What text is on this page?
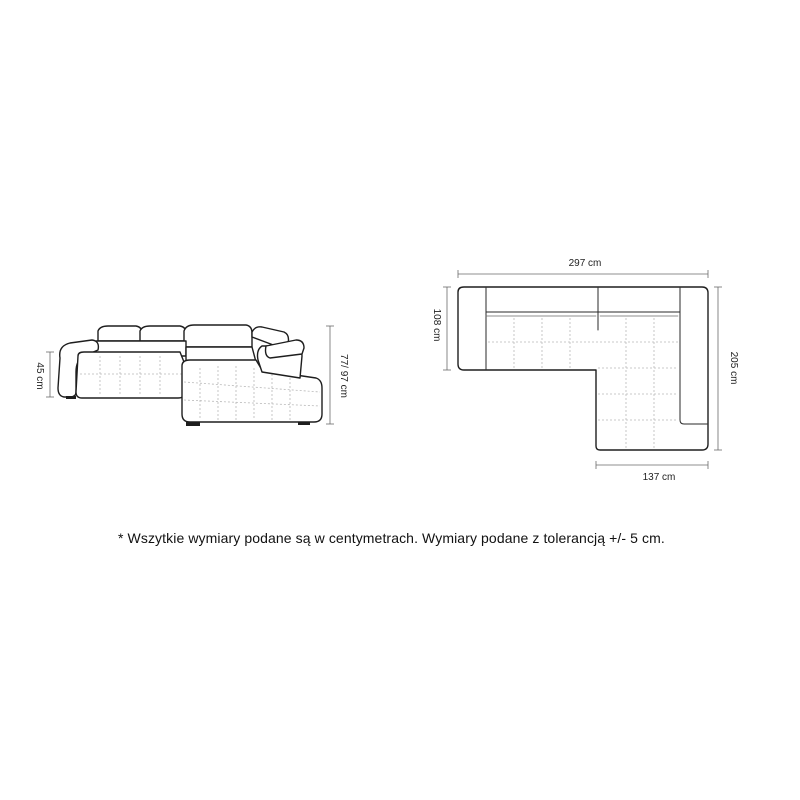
45 cm	77/ 97 cm
297 cm
108 cm
205 cm
137 cm
* Wszytkie wymiary podane są w centymetrach. Wymiary podane z tolerancją +/- 5 cm.
